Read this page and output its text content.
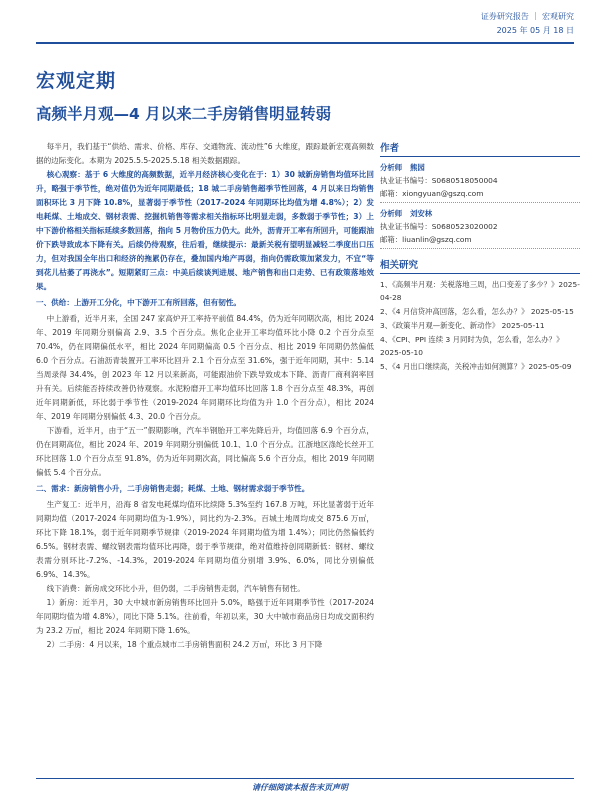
证券研究报告 ｜ 宏观研究
2025 年 05 月 18 日
宏观定期
高频半月观—4 月以来二手房销售明显转弱

每半月，我们基于“供给、需求、价格、库存、交通物流、流动性”6 大维度，跟踪最新宏观高频数据的边际变化。本期为 2025.5.5-2025.5.18 相关数据跟踪。

核心观察：基于 6 大维度的高频数据，近半月经济核心变化在于：1）30 城新房销售均值环比回升，略强于季节性，绝对值仍为近年同期最低；18 城二手房销售超季节性回落，4 月以来日均销售面积环比 3 月下降 10.8%，显著弱于季节性（2017-2024 年同期环比均值为增 4.8%）；2）发电耗煤、土地成交、钢材表需、挖掘机销售等需求相关指标环比明显走弱，多数弱于季节性；3）上中下游价格相关指标延续多数回落，指向 5 月物价压力仍大。此外，沥青开工率有所回升，可能跟油价下跌导致成本下降有关。后续仍待观察，往后看，继续提示：最新关税有望明显减轻二季度出口压力，但对我国全年出口和经济的拖累仍存在，叠加国内地产再弱，指向仍需政策加紧发力，不宜“等到花儿枯萎了再浇水”。短期紧盯三点：中美后续谈判进展、地产销售和出口走势、已有政策落地效果。

一、供给：上游开工分化，中下游开工有所回落，但有韧性。

中上游看，近半月来，全国 247 家高炉开工率持平前值 84.4%，仍为近年同期次高，相比 2024 年、2019 年同期分别偏高 2.9、3.5 个百分点。焦化企业开工率均值环比小降 0.2 个百分点至 70.4%，仍在同期偏低水平，相比 2024 年同期偏高 0.5 个百分点、相比 2019 年同期仍然偏低 6.0 个百分点。石油沥青装置开工率环比回升 2.1 个百分点至 31.6%，强于近年同期，其中：5.14 当周录得 34.4%，创 2023 年 12 月以来新高，可能跟油价下跌导致成本下降、沥青厂商利润率回升有关。后续能否持续改善仍待观察。水泥粉磨开工率均值环比回落 1.8 个百分点至 48.3%，再创近年同期新低，环比弱于季节性（2019-2024 年同期环比均值为升 1.0 个百分点），相比 2024 年、2019 年同期分别偏低 4.3、20.0 个百分点。

下游看，近半月，由于“五一”假期影响，汽车半钢胎开工率先降后升，均值回落 6.9 个百分点，仍在同期高位，相比 2024 年、2019 年同期分别偏低 10.1、1.0 个百分点。江浙地区涤纶长丝开工环比回落 1.0 个百分点至 91.8%，仍为近年同期次高，同比偏高 5.6 个百分点，相比 2019 年同期偏低 5.4 个百分点。

二、需求：新房销售小升，二手房销售走弱；耗煤、土地、钢材需求弱于季节性。

生产复工：近半月，沿海 8 省发电耗煤均值环比续降 5.3%至约 167.8 万吨，环比显著弱于近年同期均值（2017-2024 年同期均值为-1.9%），同比约为-2.3%。百城土地周均成交 875.6 万㎡，环比下降 18.1%，弱于近年同期季节规律（2019-2024 年同期均值为增 1.4%）；同比仍然偏低约 6.5%。钢材表需、螺纹钢表需均值环比再降，弱于季节规律，绝对值维持创同期新低：钢材、螺纹表需分别环比-7.2%、-14.3%，2019-2024 年同期均值分别增 3.9%、6.0%，同比分别偏低 6.9%、14.3%。

线下消费：新房成交环比小升，但仍弱，二手房销售走弱，汽车销售有韧性。

1）新房：近半月，30 大中城市新房销售环比回升 5.0%，略强于近年同期季节性（2017-2024 年同期均值为增 4.8%），同比下降 5.1%。往前看，年初以来，30 大中城市商品房日均成交面积约为 23.2 万㎡，相比 2024 年同期下降 1.6%。

2）二手房：4 月以来，18 个重点城市二手房销售面积 24.2 万㎡，环比 3 月下降

作者
分析师	熊园
执业证书编号：S0680518050004
邮箱：xiongyuan@gszq.com
分析师	刘安林
执业证书编号：S0680523020002
邮箱：liuanlin@gszq.com
相关研究
1、《高频半月观：关税落地三周，出口变差了多少？》2025-04-28
2、《4 月信贷冲高回落，怎么看，怎么办？》 2025-05-15
3、《政策半月观—新变化、新动作》 2025-05-11
4、《CPI、PPI 连续 3 月同时为负，怎么看，怎么办？》2025-05-10
5、《4 月出口继续高，关税冲击如何测算？》2025-05-09
请仔细阅读本报告末页声明
